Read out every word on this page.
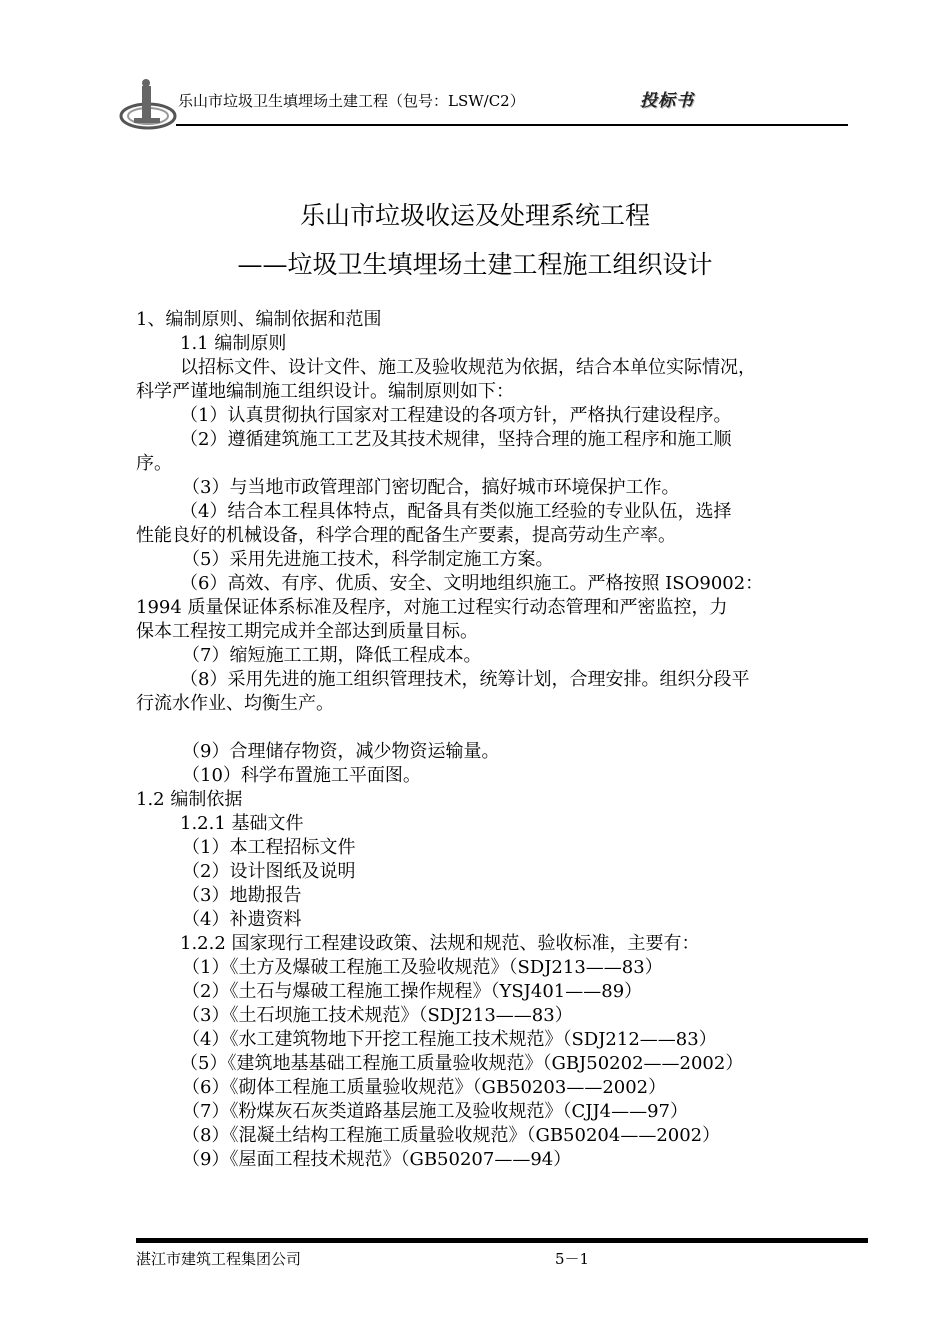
乐山市垃圾卫生填埋场土建工程（包号：LSW/C2）	投标书
乐山市垃圾收运及处理系统工程
——垃圾卫生填埋场土建工程施工组织设计
1、编制原则、编制依据和范围
1.1 编制原则
以招标文件、设计文件、施工及验收规范为依据，结合本单位实际情况，
科学严谨地编制施工组织设计。编制原则如下：
（1）认真贯彻执行国家对工程建设的各项方针，严格执行建设程序。
（2）遵循建筑施工工艺及其技术规律，坚持合理的施工程序和施工顺
序。
（3）与当地市政管理部门密切配合，搞好城市环境保护工作。
（4）结合本工程具体特点，配备具有类似施工经验的专业队伍，选择
性能良好的机械设备，科学合理的配备生产要素，提高劳动生产率。
（5）采用先进施工技术，科学制定施工方案。
（6）高效、有序、优质、安全、文明地组织施工。严格按照 ISO9002：
1994 质量保证体系标准及程序，对施工过程实行动态管理和严密监控，力
保本工程按工期完成并全部达到质量目标。
（7）缩短施工工期，降低工程成本。
（8）采用先进的施工组织管理技术，统筹计划，合理安排。组织分段平
行流水作业、均衡生产。
（9）合理储存物资，减少物资运输量。
（10）科学布置施工平面图。
1.2 编制依据
1.2.1 基础文件
（1）本工程招标文件
（2）设计图纸及说明
（3）地勘报告
（4）补遗资料
1.2.2 国家现行工程建设政策、法规和规范、验收标准，主要有：
（1）《土方及爆破工程施工及验收规范》（SDJ213——83）
（2）《土石与爆破工程施工操作规程》（YSJ401——89）
（3）《土石坝施工技术规范》（SDJ213——83）
（4）《水工建筑物地下开挖工程施工技术规范》（SDJ212——83）
（5）《建筑地基基础工程施工质量验收规范》（GBJ50202——2002）
（6）《砌体工程施工质量验收规范》（GB50203——2002）
（7）《粉煤灰石灰类道路基层施工及验收规范》（CJJ4——97）
（8）《混凝土结构工程施工质量验收规范》（GB50204——2002）
（9）《屋面工程技术规范》（GB50207——94）
湛江市建筑工程集团公司	5－1
